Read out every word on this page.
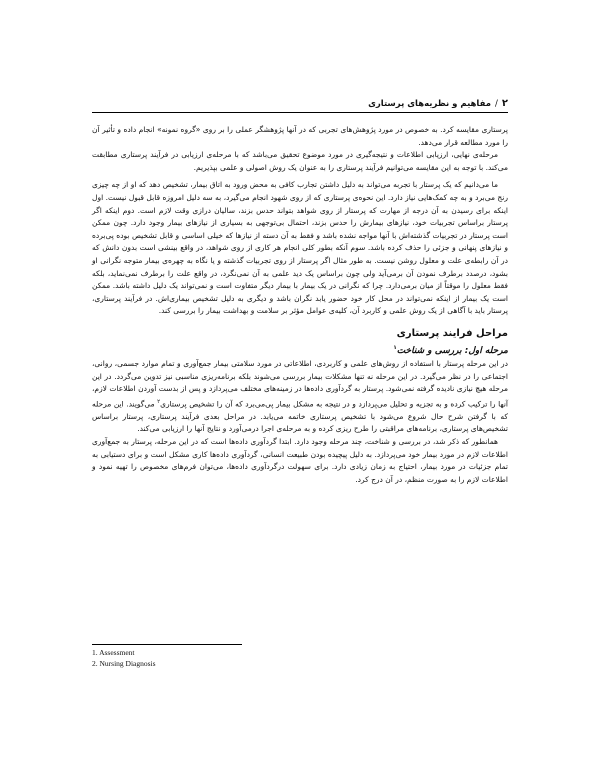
۲
/
مفاهیم و نظریه‌های پرستاری

پرستاری مقایسه کرد. به خصوص در مورد پژوهش‌های تجربی که در آنها پژوهشگر عملی را بر روی «گروه نمونه» انجام داده و تأثیر آن را مورد مطالعه قرار می‌دهد.

مرحله‌ی نهایی، ارزیابی اطلاعات و نتیجه‌گیری در مورد موضوع تحقیق می‌باشد که با مرحله‌ی ارزیابی در فرآیند پرستاری مطابقت می‌کند. با توجه به این مقایسه می‌توانیم فرآیند پرستاری را به عنوان یک روش اصولی و علمی بپذیریم.

ما می‌دانیم که یک پرستار با تجربه می‌تواند به دلیل داشتن تجارب کافی به محض ورود به اتاق بیمار، تشخیص دهد که او از چه چیزی رنج می‌برد و به چه کمک‌هایی نیاز دارد. این نحوه‌ی پرستاری که از روی شهود انجام می‌گیرد، به سه دلیل امروزه قابل قبول نیست. اول اینکه برای رسیدن به آن درجه از مهارت که پرستار از روی شواهد بتواند حدس بزند، سالیان درازی وقت لازم است. دوم اینکه اگر پرستار براساس تجربیات خود، نیازهای بیمارش را حدس بزند، احتمال بی‌توجهی به بسیاری از نیازهای بیمار وجود دارد. چون ممکن است پرستار در تجربیات گذشته‌اش با آنها مواجه نشده باشد و فقط به آن دسته از نیازها که خیلی اساسی و قابل تشخیص بوده پی‌برده و نیازهای پنهانی و جزئی را حذف کرده باشد. سوم آنکه بطور کلی انجام هر کاری از روی شواهد، در واقع بینشی است بدون دانش که در آن رابطه‌ی علت و معلول روشن نیست. به طور مثال اگر پرستار از روی تجربیات گذشته و یا نگاه به چهره‌ی بیمار متوجه نگرانی او بشود، درصدد برطرف نمودن آن برمی‌آید ولی چون براساس یک دید علمی به آن نمی‌نگرد، در واقع علت را برطرف نمی‌نماید، بلکه فقط معلول را موقتاً از میان برمی‌دارد. چرا که نگرانی در یک بیمار با بیمار دیگر متفاوت است و نمی‌تواند یک دلیل داشته باشد. ممکن است یک بیمار از اینکه نمی‌تواند در محل کار خود حضور یابد نگران باشد و دیگری به دلیل تشخیص بیماری‌اش. در فرآیند پرستاری، پرستار باید با آگاهی از یک روش علمی و کاربرد آن، کلیه‌ی عوامل مؤثر بر سلامت و بهداشت بیمار را بررسی کند.

مراحل فرایند پرستاری
مرحله اول: بررسی و شناخت$^۱$

در این مرحله پرستار با استفاده از روش‌های علمی و کاربردی، اطلاعاتی در مورد سلامتی بیمار جمع‌آوری و تمام موارد جسمی، روانی، اجتماعی را در نظر می‌گیرد. در این مرحله نه تنها مشکلات بیمار بررسی می‌شوند بلکه برنامه‌ریزی مناسبی نیز تدوین می‌گردد. در این مرحله هیچ نیازی نادیده گرفته نمی‌شود. پرستار به گردآوری داده‌ها در زمینه‌های مختلف می‌پردازد و پس از بدست آوردن اطلاعات لازم، آنها را ترکیب کرده و به تجزیه و تحلیل می‌پردازد و در نتیجه به مشکل بیمار پی‌می‌برد که آن را تشخیص پرستاری$^۲$ می‌گویند. این مرحله که با گرفتن شرح حال شروع می‌شود با تشخیص پرستاری خاتمه می‌یابد. در مراحل بعدی فرآیند پرستاری، پرستار براساس تشخیص‌های پرستاری، برنامه‌های مراقبتی را طرح ریزی کرده و به مرحله‌ی اجرا درمی‌آورد و نتایج آنها را ارزیابی می‌کند.

همانطور که ذکر شد، در بررسی و شناخت، چند مرحله وجود دارد. ابتدا گردآوری داده‌ها است که در این مرحله، پرستار به جمع‌آوری اطلاعات لازم در مورد بیمار خود می‌پردازد. به دلیل پیچیده بودن طبیعت انسانی، گردآوری داده‌ها کاری مشکل است و برای دستیابی به تمام جزئیات در مورد بیمار، احتیاج به زمان زیادی دارد. برای سهولت درگردآوری داده‌ها، می‌توان فرم‌های مخصوص را تهیه نمود و اطلاعات لازم را به صورت منظم، در آن درج کرد.

1. Assessment
2. Nursing Diagnosis
